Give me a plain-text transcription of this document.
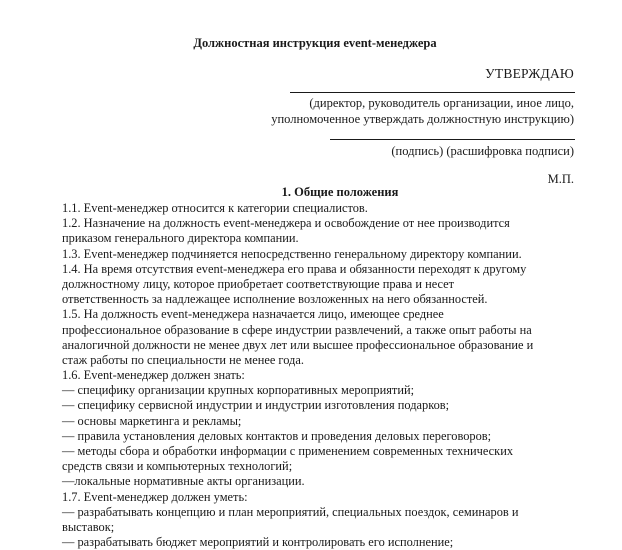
Должностная инструкция event-менеджера
УТВЕРЖДАЮ
(директор, руководитель организации, иное лицо,
уполномоченное утверждать должностную инструкцию)
(подпись) (расшифровка подписи)
М.П.
1. Общие положения
1.1. Event-менеджер относится к категории специалистов.
1.2. Назначение на должность event-менеджера и освобождение от нее производится
приказом генерального директора компании.
1.3. Event-менеджер подчиняется непосредственно генеральному директору компании.
1.4. На время отсутствия event-менеджера его права и обязанности переходят к другому
должностному лицу, которое приобретает соответствующие права и несет
ответственность за надлежащее исполнение возложенных на него обязанностей.
1.5. На должность event-менеджера назначается лицо, имеющее среднее
профессиональное образование в сфере индустрии развлечений, а также опыт работы на
аналогичной должности не менее двух лет или высшее профессиональное образование и
стаж работы по специальности не менее года.
1.6. Event-менеджер должен знать:
— специфику организации крупных корпоративных мероприятий;
— специфику сервисной индустрии и индустрии изготовления подарков;
— основы маркетинга и рекламы;
— правила установления деловых контактов и проведения деловых переговоров;
— методы сбора и обработки информации с применением современных технических
средств связи и компьютерных технологий;
—локальные нормативные акты организации.
1.7. Event-менеджер должен уметь:
— разрабатывать концепцию и план мероприятий, специальных поездок, семинаров и
выставок;
— разрабатывать бюджет мероприятий и контролировать его исполнение;
